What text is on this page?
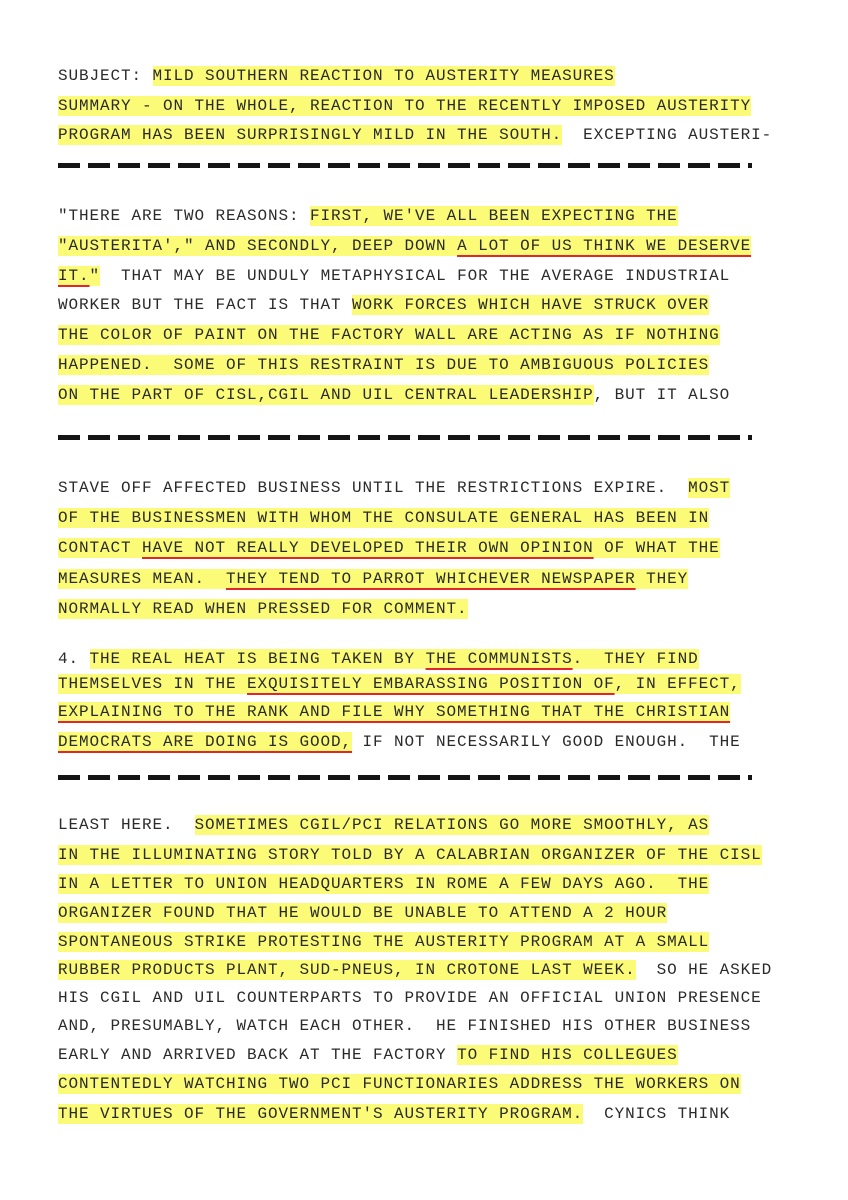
SUBJECT: MILD SOUTHERN REACTION TO AUSTERITY MEASURES
SUMMARY - ON THE WHOLE, REACTION TO THE RECENTLY IMPOSED AUSTERITY
PROGRAM HAS BEEN SURPRISINGLY MILD IN THE SOUTH.  EXCEPTING AUSTERI-
"THERE ARE TWO REASONS: FIRST, WE'VE ALL BEEN EXPECTING THE
"AUSTERITA'," AND SECONDLY, DEEP DOWN A LOT OF US THINK WE DESERVE
IT."  THAT MAY BE UNDULY METAPHYSICAL FOR THE AVERAGE INDUSTRIAL
WORKER BUT THE FACT IS THAT WORK FORCES WHICH HAVE STRUCK OVER
THE COLOR OF PAINT ON THE FACTORY WALL ARE ACTING AS IF NOTHING
HAPPENED.  SOME OF THIS RESTRAINT IS DUE TO AMBIGUOUS POLICIES
ON THE PART OF CISL,CGIL AND UIL CENTRAL LEADERSHIP, BUT IT ALSO
STAVE OFF AFFECTED BUSINESS UNTIL THE RESTRICTIONS EXPIRE.  MOST
OF THE BUSINESSMEN WITH WHOM THE CONSULATE GENERAL HAS BEEN IN
CONTACT HAVE NOT REALLY DEVELOPED THEIR OWN OPINION OF WHAT THE
MEASURES MEAN.  THEY TEND TO PARROT WHICHEVER NEWSPAPER THEY
NORMALLY READ WHEN PRESSED FOR COMMENT.
4. THE REAL HEAT IS BEING TAKEN BY THE COMMUNISTS.  THEY FIND
THEMSELVES IN THE EXQUISITELY EMBARASSING POSITION OF, IN EFFECT,
EXPLAINING TO THE RANK AND FILE WHY SOMETHING THAT THE CHRISTIAN
DEMOCRATS ARE DOING IS GOOD, IF NOT NECESSARILY GOOD ENOUGH.  THE
LEAST HERE.  SOMETIMES CGIL/PCI RELATIONS GO MORE SMOOTHLY, AS
IN THE ILLUMINATING STORY TOLD BY A CALABRIAN ORGANIZER OF THE CISL
IN A LETTER TO UNION HEADQUARTERS IN ROME A FEW DAYS AGO.  THE
ORGANIZER FOUND THAT HE WOULD BE UNABLE TO ATTEND A 2 HOUR
SPONTANEOUS STRIKE PROTESTING THE AUSTERITY PROGRAM AT A SMALL
RUBBER PRODUCTS PLANT, SUD-PNEUS, IN CROTONE LAST WEEK.  SO HE ASKED
HIS CGIL AND UIL COUNTERPARTS TO PROVIDE AN OFFICIAL UNION PRESENCE
AND, PRESUMABLY, WATCH EACH OTHER.  HE FINISHED HIS OTHER BUSINESS
EARLY AND ARRIVED BACK AT THE FACTORY TO FIND HIS COLLEGUES
CONTENTEDLY WATCHING TWO PCI FUNCTIONARIES ADDRESS THE WORKERS ON
THE VIRTUES OF THE GOVERNMENT'S AUSTERITY PROGRAM.  CYNICS THINK
